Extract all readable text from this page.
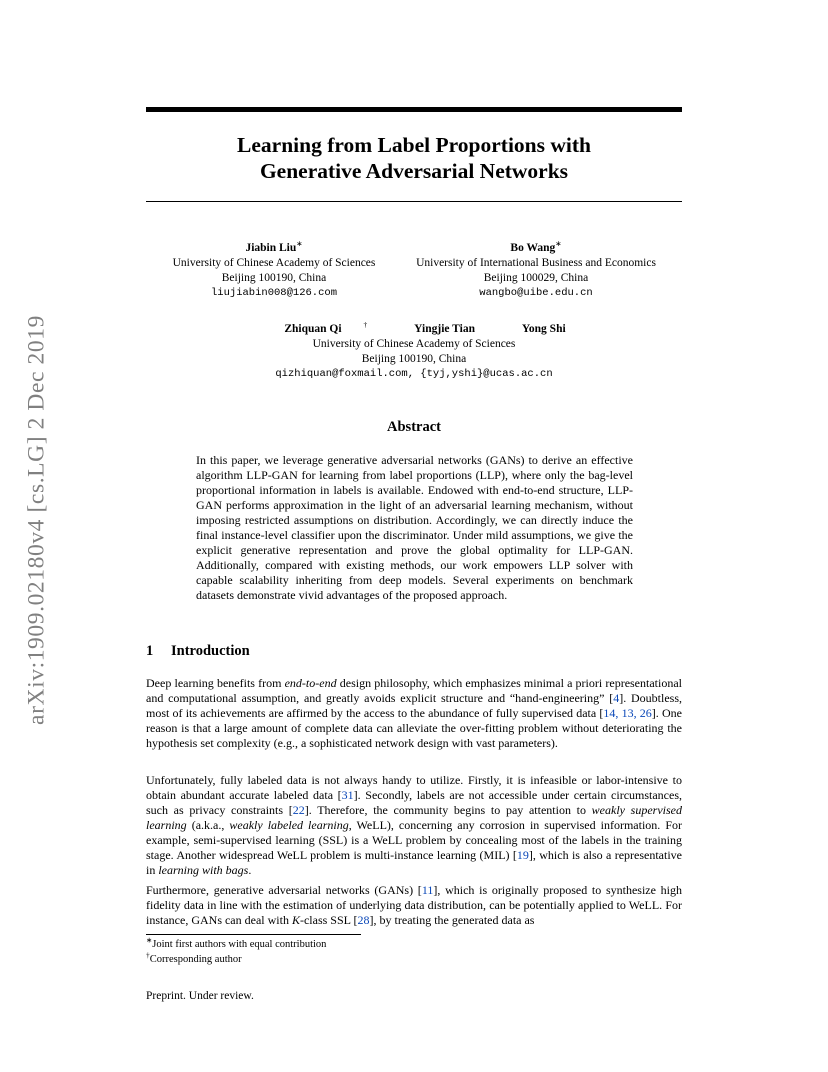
arXiv:1909.02180v4 [cs.LG] 2 Dec 2019
Learning from Label Proportions with
Generative Adversarial Networks
Jiabin Liu∗
University of Chinese Academy of Sciences
Beijing 100190, China
liujiabin008@126.com
Bo Wang∗
University of International Business and Economics
Beijing 100029, China
wangbo@uibe.edu.cn
Zhiquan Qi	†	Yingjie Tian	Yong Shi
University of Chinese Academy of Sciences
Beijing 100190, China
qizhiquan@foxmail.com, {tyj,yshi}@ucas.ac.cn
Abstract
In this paper, we leverage generative adversarial networks (GANs) to derive an effective algorithm LLP-GAN for learning from label proportions (LLP), where only the bag-level proportional information in labels is available. Endowed with end-to-end structure, LLP-GAN performs approximation in the light of an adversarial learning mechanism, without imposing restricted assumptions on distribution. Accordingly, we can directly induce the final instance-level classifier upon the discriminator. Under mild assumptions, we give the explicit generative representation and prove the global optimality for LLP-GAN. Additionally, compared with existing methods, our work empowers LLP solver with capable scalability inheriting from deep models. Several experiments on benchmark datasets demonstrate vivid advantages of the proposed approach.
1 Introduction
Deep learning benefits from end-to-end design philosophy, which emphasizes minimal a priori representational and computational assumption, and greatly avoids explicit structure and “hand-engineering” [4]. Doubtless, most of its achievements are affirmed by the access to the abundance of fully supervised data [14, 13, 26]. One reason is that a large amount of complete data can alleviate the over-fitting problem without deteriorating the hypothesis set complexity (e.g., a sophisticated network design with vast parameters).
Unfortunately, fully labeled data is not always handy to utilize. Firstly, it is infeasible or labor-intensive to obtain abundant accurate labeled data [31]. Secondly, labels are not accessible under certain circumstances, such as privacy constraints [22]. Therefore, the community begins to pay attention to weakly supervised learning (a.k.a., weakly labeled learning, WeLL), concerning any corrosion in supervised information. For example, semi-supervised learning (SSL) is a WeLL problem by concealing most of the labels in the training stage. Another widespread WeLL problem is multi-instance learning (MIL) [19], which is also a representative in learning with bags.
Furthermore, generative adversarial networks (GANs) [11], which is originally proposed to synthesize high fidelity data in line with the estimation of underlying data distribution, can be potentially applied to WeLL. For instance, GANs can deal with K-class SSL [28], by treating the generated data as
∗Joint first authors with equal contribution
†Corresponding author
Preprint. Under review.
